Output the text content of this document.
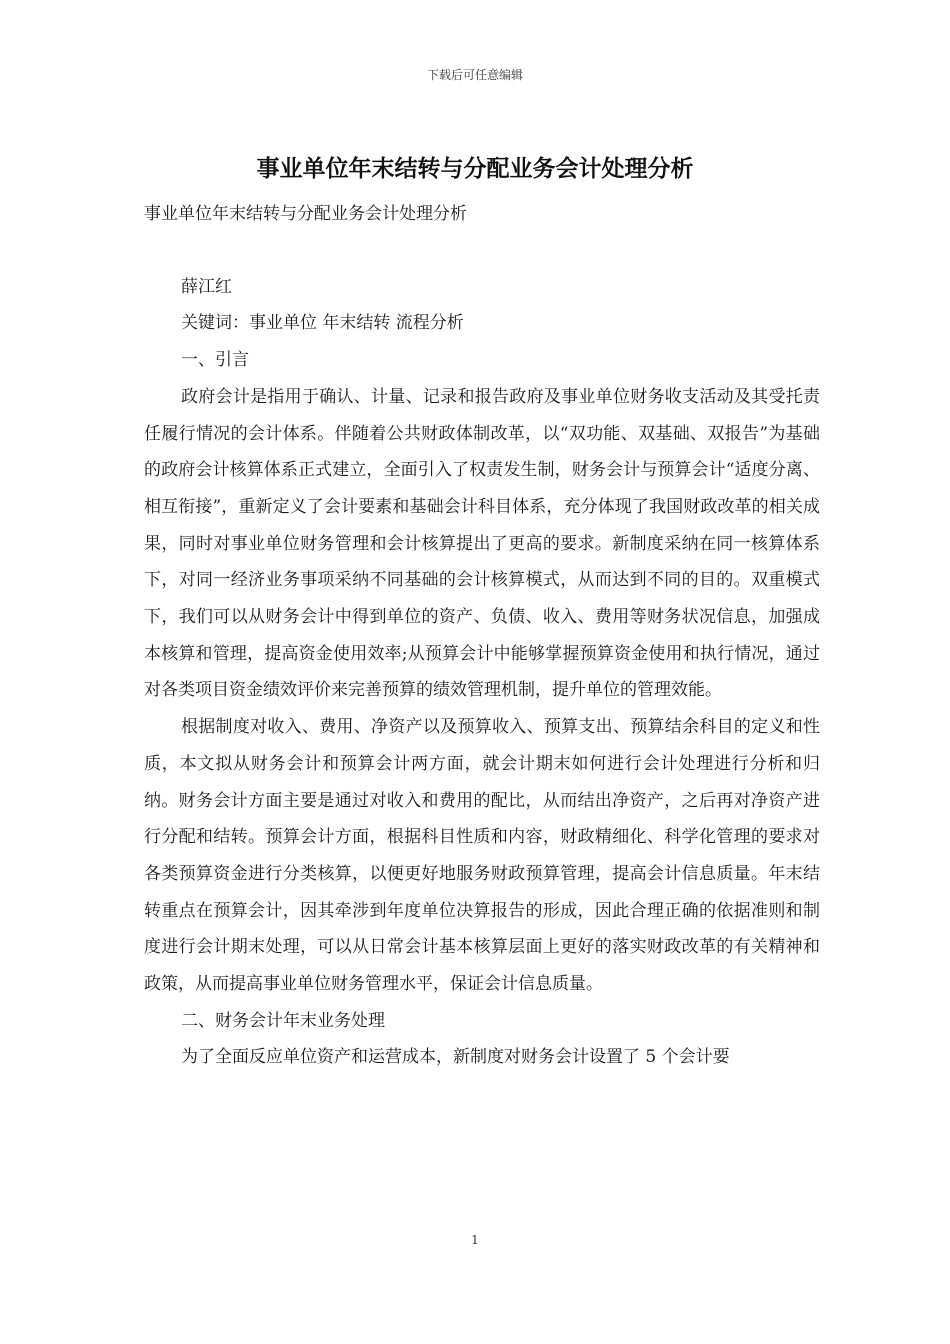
下载后可任意编辑
事业单位年末结转与分配业务会计处理分析

事业单位年末结转与分配业务会计处理分析

薛江红

关键词：事业单位 年末结转 流程分析

一、引言

政府会计是指用于确认、计量、记录和报告政府及事业单位财务收支活动及其受托责任履行情况的会计体系。伴随着公共财政体制改革，以“双功能、双基础、双报告”为基础的政府会计核算体系正式建立，全面引入了权责发生制，财务会计与预算会计“适度分离、相互衔接”，重新定义了会计要素和基础会计科目体系，充分体现了我国财政改革的相关成果，同时对事业单位财务管理和会计核算提出了更高的要求。新制度采纳在同一核算体系下，对同一经济业务事项采纳不同基础的会计核算模式，从而达到不同的目的。双重模式下，我们可以从财务会计中得到单位的资产、负债、收入、费用等财务状况信息，加强成本核算和管理，提高资金使用效率;从预算会计中能够掌握预算资金使用和执行情况，通过对各类项目资金绩效评价来完善预算的绩效管理机制，提升单位的管理效能。

根据制度对收入、费用、净资产以及预算收入、预算支出、预算结余科目的定义和性质，本文拟从财务会计和预算会计两方面，就会计期末如何进行会计处理进行分析和归纳。财务会计方面主要是通过对收入和费用的配比，从而结出净资产，之后再对净资产进行分配和结转。预算会计方面，根据科目性质和内容，财政精细化、科学化管理的要求对各类预算资金进行分类核算，以便更好地服务财政预算管理，提高会计信息质量。年末结转重点在预算会计，因其牵涉到年度单位决算报告的形成，因此合理正确的依据准则和制度进行会计期末处理，可以从日常会计基本核算层面上更好的落实财政改革的有关精神和政策，从而提高事业单位财务管理水平，保证会计信息质量。

二、财务会计年末业务处理

为了全面反应单位资产和运营成本，新制度对财务会计设置了 5 个会计要

1
